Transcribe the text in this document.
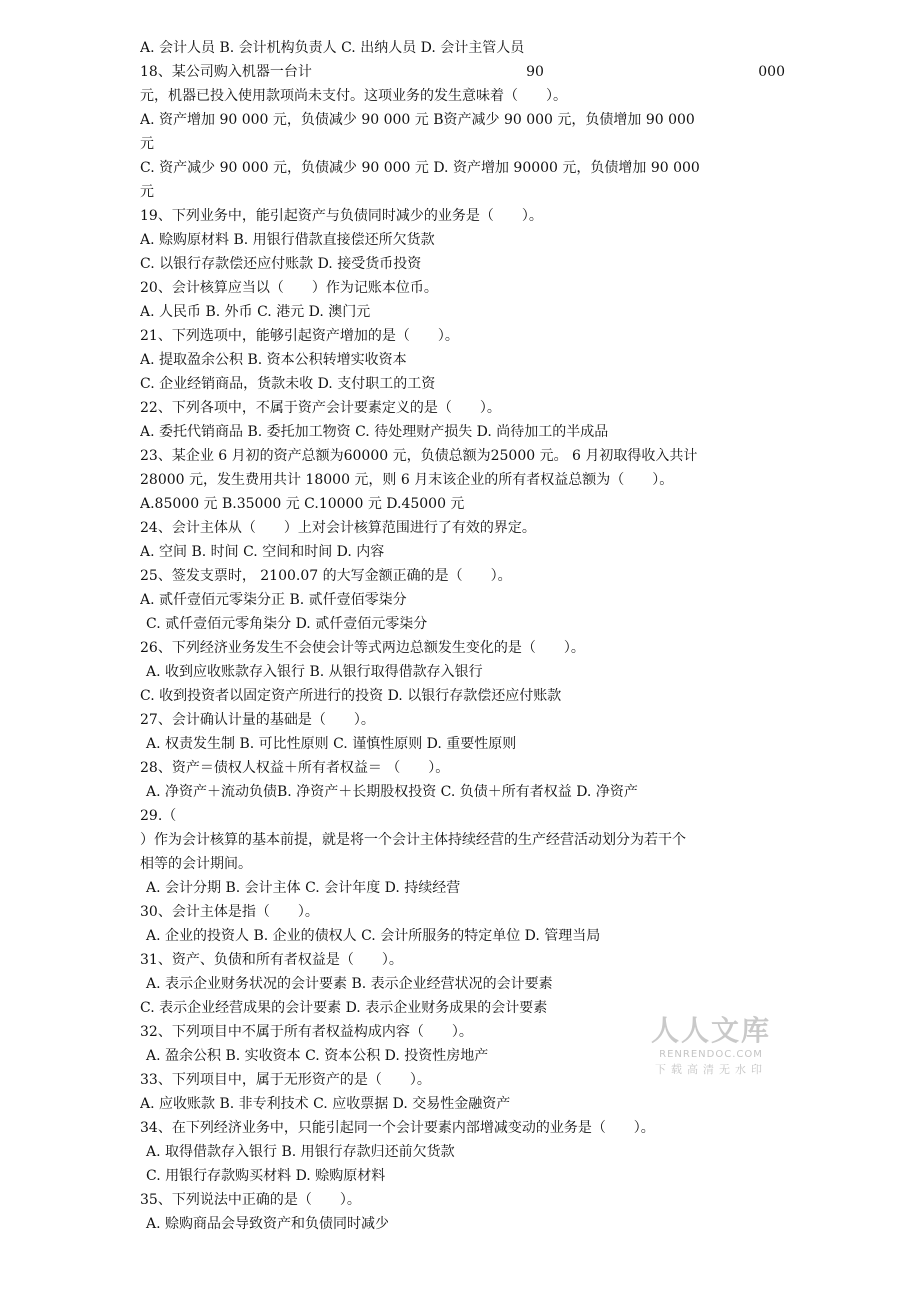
A. 会计人员 B. 会计机构负责人 C. 出纳人员 D. 会计主管人员
18、某公司购入机器一台计	90	000
元，机器已投入使用款项尚未支付。这项业务的发生意味着（　　）。
A. 资产增加 90 000 元，负债减少 90 000 元 B资产减少 90 000 元，负债增加 90 000
元
C. 资产减少 90 000 元，负债减少 90 000 元 D. 资产增加 90000 元，负债增加 90 000
元
19、下列业务中，能引起资产与负债同时减少的业务是（　　）。
A. 赊购原材料 B. 用银行借款直接偿还所欠货款
C. 以银行存款偿还应付账款 D. 接受货币投资
20、会计核算应当以（　　）作为记账本位币。
A. 人民币 B. 外币 C. 港元 D. 澳门元
21、下列选项中，能够引起资产增加的是（　　）。
A. 提取盈余公积 B. 资本公积转增实收资本
C. 企业经销商品，货款未收 D. 支付职工的工资
22、下列各项中，不属于资产会计要素定义的是（　　）。
A. 委托代销商品 B. 委托加工物资 C. 待处理财产损失 D. 尚待加工的半成品
23、某企业 6 月初的资产总额为60000 元，负债总额为25000 元。 6 月初取得收入共计
28000 元，发生费用共计 18000 元，则 6 月末该企业的所有者权益总额为（　　）。
A.85000 元 B.35000 元 C.10000 元 D.45000 元
24、会计主体从（　　）上对会计核算范围进行了有效的界定。
A. 空间 B. 时间 C. 空间和时间 D. 内容
25、签发支票时， 2100.07 的大写金额正确的是（　　）。
A. 贰仟壹佰元零柒分正 B. 贰仟壹佰零柒分
C. 贰仟壹佰元零角柒分 D. 贰仟壹佰元零柒分
26、下列经济业务发生不会使会计等式两边总额发生变化的是（　　）。
A. 收到应收账款存入银行 B. 从银行取得借款存入银行
C. 收到投资者以固定资产所进行的投资 D. 以银行存款偿还应付账款
27、会计确认计量的基础是（　　）。
A. 权责发生制 B. 可比性原则 C. 谨慎性原则 D. 重要性原则
28、资产＝债权人权益＋所有者权益＝ （　　）。
A. 净资产＋流动负债B. 净资产＋长期股权投资 C. 负债＋所有者权益 D. 净资产
29.（
）作为会计核算的基本前提，就是将一个会计主体持续经营的生产经营活动划分为若干个
相等的会计期间。
A. 会计分期 B. 会计主体 C. 会计年度 D. 持续经营
30、会计主体是指（　　）。
A. 企业的投资人 B. 企业的债权人 C. 会计所服务的特定单位 D. 管理当局
31、资产、负债和所有者权益是（　　）。
A. 表示企业财务状况的会计要素 B. 表示企业经营状况的会计要素
C. 表示企业经营成果的会计要素 D. 表示企业财务成果的会计要素
32、下列项目中不属于所有者权益构成内容（　　）。
A. 盈余公积 B. 实收资本 C. 资本公积 D. 投资性房地产
33、下列项目中，属于无形资产的是（　　）。
A. 应收账款 B. 非专利技术 C. 应收票据 D. 交易性金融资产
34、在下列经济业务中，只能引起同一个会计要素内部增减变动的业务是（　　）。
A. 取得借款存入银行 B. 用银行存款归还前欠货款
C. 用银行存款购买材料 D. 赊购原材料
35、下列说法中正确的是（　　）。
A. 赊购商品会导致资产和负债同时减少
人人文库
RENRENDOC.COM
下载高清无水印
